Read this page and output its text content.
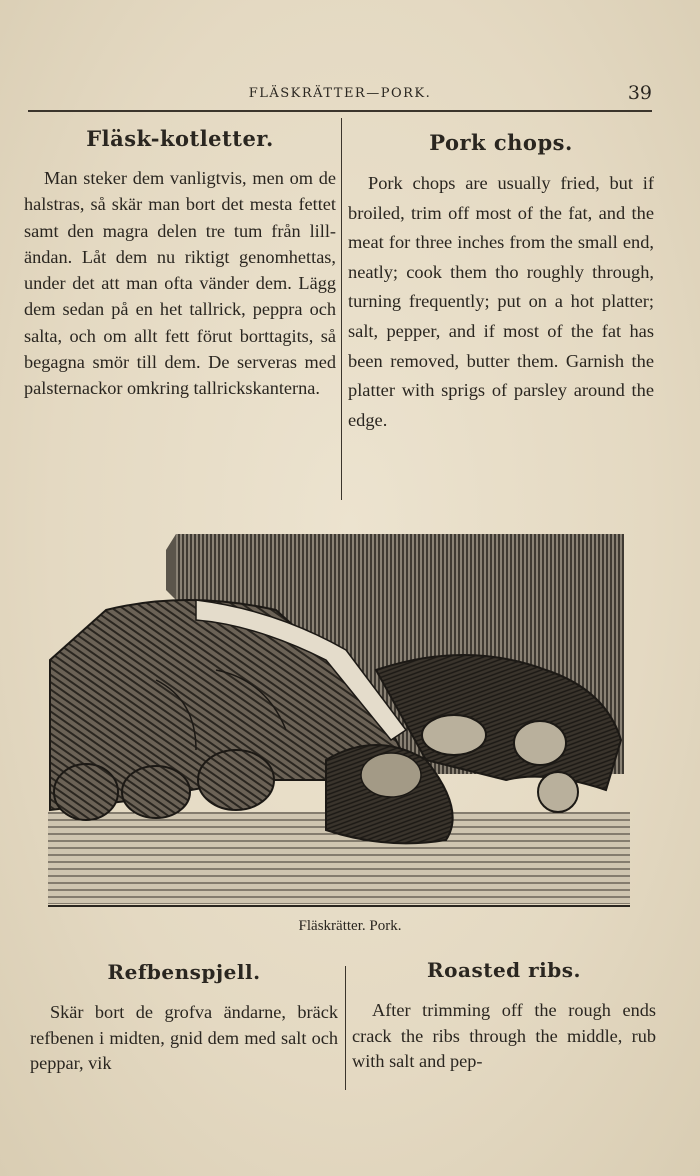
FLÄSKRÄTTER—PORK.	39
Fläsk-kotletter.

Man steker dem vanligtvis, men om de halstras, så skär man bort det mesta fettet samt den magra delen tre tum från lilländan. Låt dem nu riktigt genomhettas, under det att man ofta vänder dem. Lägg dem sedan på en het tallrick, peppra och salta, och om allt fett förut borttagits, så begagna smör till dem. De serveras med palsternackor omkring tallrickskanterna.

Pork chops.

Pork chops are usually fried, but if broiled, trim off most of the fat, and the meat for three inches from the small end, neatly; cook them tho roughly through, turning frequently; put on a hot platter; salt, pepper, and if most of the fat has been removed, butter them. Garnish the platter with sprigs of parsley around the edge.

Fläskrätter. Pork.
Refbenspjell.

Skär bort de grofva ändarne, bräck refbenen i midten, gnid dem med salt och peppar, vik

Roasted ribs.

After trimming off the rough ends crack the ribs through the middle, rub with salt and pep-
